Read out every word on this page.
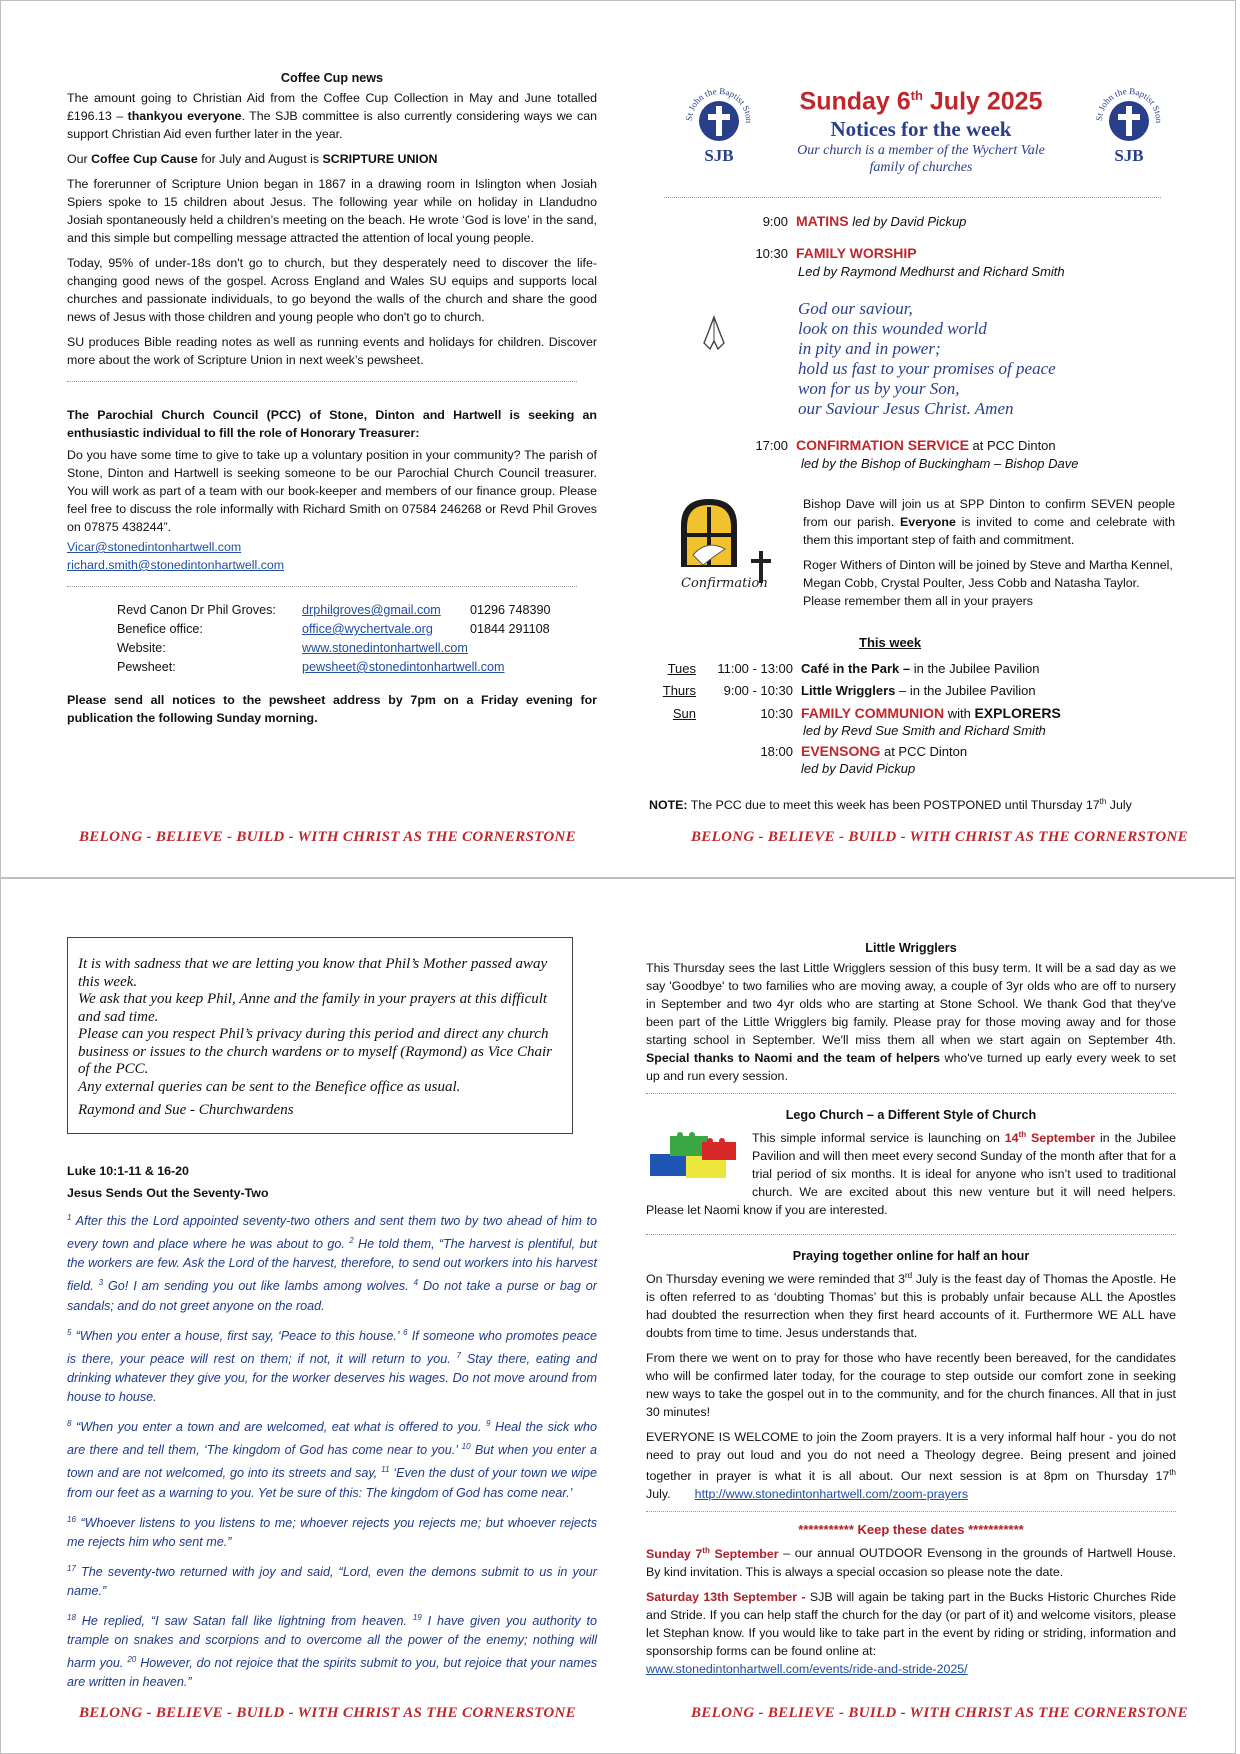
Coffee Cup news

The amount going to Christian Aid from the Coffee Cup Collection in May and June totalled £196.13 – thankyou everyone. The SJB committee is also currently considering ways we can support Christian Aid even further later in the year.

Our Coffee Cup Cause for July and August is SCRIPTURE UNION

The forerunner of Scripture Union began in 1867 in a drawing room in Islington when Josiah Spiers spoke to 15 children about Jesus. The following year while on holiday in Llandudno Josiah spontaneously held a children’s meeting on the beach. He wrote ‘God is love’ in the sand, and this simple but compelling message attracted the attention of local young people.

Today, 95% of under-18s don't go to church, but they desperately need to discover the life-changing good news of the gospel. Across England and Wales SU equips and supports local churches and passionate individuals, to go beyond the walls of the church and share the good news of Jesus with those children and young people who don't go to church.

SU produces Bible reading notes as well as running events and holidays for children. Discover more about the work of Scripture Union in next week’s pewsheet.

The Parochial Church Council (PCC) of Stone, Dinton and Hartwell is seeking an enthusiastic individual to fill the role of Honorary Treasurer:

Do you have some time to give to take up a voluntary position in your community? The parish of Stone, Dinton and Hartwell is seeking someone to be our Parochial Church Council treasurer. You will work as part of a team with our book-keeper and members of our finance group. Please feel free to discuss the role informally with Richard Smith on 07584 246268 or Revd Phil Groves on 07875 438244”.

Vicar@stonedintonhartwell.com
richard.smith@stonedintonhartwell.com
Revd Canon Dr Phil Groves:	drphilgroves@gmail.com	01296 748390
Benefice office:	office@wychertvale.org	01844 291108
Website:	www.stonedintonhartwell.com	
Pewsheet:	pewsheet@stonedintonhartwell.com	

Please send all notices to the pewsheet address by 7pm on a Friday evening for publication the following Sunday morning.

BELONG - BELIEVE - BUILD - WITH CHRIST AS THE CORNERSTONE
St John the Baptist Ston
SJB
St John the Baptist Ston
SJB
Sunday 6th July 2025
Notices for the week
Our church is a member of the Wychert Vale
family of churches
9:00 MATINS led by David Pickup
10:30 FAMILY WORSHIP
Led by Raymond Medhurst and Richard Smith
God our saviour,
look on this wounded world
in pity and in power;
hold us fast to your promises of peace
won for us by your Son,
our Saviour Jesus Christ. Amen
17:00 CONFIRMATION SERVICE at PCC Dinton
led by the Bishop of Buckingham – Bishop Dave
Confirmation

Bishop Dave will join us at SPP Dinton to confirm SEVEN people from our parish. Everyone is invited to come and celebrate with them this important step of faith and commitment.

Roger Withers of Dinton will be joined by Steve and Martha Kennel, Megan Cobb, Crystal Poulter, Jess Cobb and Natasha Taylor. Please remember them all in your prayers

This week
Tues 11:00 - 13:00 Café in the Park – in the Jubilee Pavilion
Thurs 9:00 - 10:30 Little Wrigglers – in the Jubilee Pavilion
Sun	10:30 FAMILY COMMUNION with EXPLORERS
led by Revd Sue Smith and Richard Smith
18:00 EVENSONG at PCC Dinton
led by David Pickup
NOTE: The PCC due to meet this week has been POSTPONED until Thursday 17th July
BELONG - BELIEVE - BUILD - WITH CHRIST AS THE CORNERSTONE
It is with sadness that we are letting you know that Phil’s Mother passed away this week.
We ask that you keep Phil, Anne and the family in your prayers at this difficult and sad time.
Please can you respect Phil’s privacy during this period and direct any church business or issues to the church wardens or to myself (Raymond) as Vice Chair of the PCC.
Any external queries can be sent to the Benefice office as usual.
Raymond and Sue - Churchwardens
Luke 10:1-11 & 16-20
Jesus Sends Out the Seventy-Two

$^1$ After this the Lord appointed seventy-two others and sent them two by two ahead of him to every town and place where he was about to go. $^2$ He told them, “The harvest is plentiful, but the workers are few. Ask the Lord of the harvest, therefore, to send out workers into his harvest field. $^3$ Go! I am sending you out like lambs among wolves. $^4$ Do not take a purse or bag or sandals; and do not greet anyone on the road.

$^5$ “When you enter a house, first say, ‘Peace to this house.’ $^6$ If someone who promotes peace is there, your peace will rest on them; if not, it will return to you. $^7$ Stay there, eating and drinking whatever they give you, for the worker deserves his wages. Do not move around from house to house.

$^8$ “When you enter a town and are welcomed, eat what is offered to you. $^9$ Heal the sick who are there and tell them, ‘The kingdom of God has come near to you.’ $^{10}$ But when you enter a town and are not welcomed, go into its streets and say, $^{11}$ ‘Even the dust of your town we wipe from our feet as a warning to you. Yet be sure of this: The kingdom of God has come near.’

$^{16}$ “Whoever listens to you listens to me; whoever rejects you rejects me; but whoever rejects me rejects him who sent me.”

$^{17}$ The seventy-two returned with joy and said, “Lord, even the demons submit to us in your name.”

$^{18}$ He replied, “I saw Satan fall like lightning from heaven. $^{19}$ I have given you authority to trample on snakes and scorpions and to overcome all the power of the enemy; nothing will harm you. $^{20}$ However, do not rejoice that the spirits submit to you, but rejoice that your names are written in heaven.”

BELONG - BELIEVE - BUILD - WITH CHRIST AS THE CORNERSTONE
Little Wrigglers

This Thursday sees the last Little Wrigglers session of this busy term. It will be a sad day as we say 'Goodbye' to two families who are moving away, a couple of 3yr olds who are off to nursery in September and two 4yr olds who are starting at Stone School. We thank God that they've been part of the Little Wrigglers big family. Please pray for those moving away and for those starting school in September. We'll miss them all when we start again on September 4th. Special thanks to Naomi and the team of helpers who've turned up early every week to set up and run every session.

Lego Church – a Different Style of Church

This simple informal service is launching on 14th September in the Jubilee Pavilion and will then meet every second Sunday of the month after that for a trial period of six months. It is ideal for anyone who isn’t used to traditional church. We are excited about this new venture but it will need helpers. Please let Naomi know if you are interested.

Praying together online for half an hour

On Thursday evening we were reminded that 3rd July is the feast day of Thomas the Apostle. He is often referred to as ‘doubting Thomas’ but this is probably unfair because ALL the Apostles had doubted the resurrection when they first heard accounts of it. Furthermore WE ALL have doubts from time to time. Jesus understands that.

From there we went on to pray for those who have recently been bereaved, for the candidates who will be confirmed later today, for the courage to step outside our comfort zone in seeking new ways to take the gospel out in to the community, and for the church finances. All that in just 30 minutes!

EVERYONE IS WELCOME to join the Zoom prayers. It is a very informal half hour - you do not need to pray out loud and you do not need a Theology degree. Being present and joined together in prayer is what it is all about. Our next session is at 8pm on Thursday 17th July. http://www.stonedintonhartwell.com/zoom-prayers

*********** Keep these dates ***********

Sunday 7th September – our annual OUTDOOR Evensong in the grounds of Hartwell House. By kind invitation. This is always a special occasion so please note the date.

Saturday 13th September - SJB will again be taking part in the Bucks Historic Churches Ride and Stride. If you can help staff the church for the day (or part of it) and welcome visitors, please let Stephan know. If you would like to take part in the event by riding or striding, information and sponsorship forms can be found online at:

www.stonedintonhartwell.com/events/ride-and-stride-2025/
BELONG - BELIEVE - BUILD - WITH CHRIST AS THE CORNERSTONE
